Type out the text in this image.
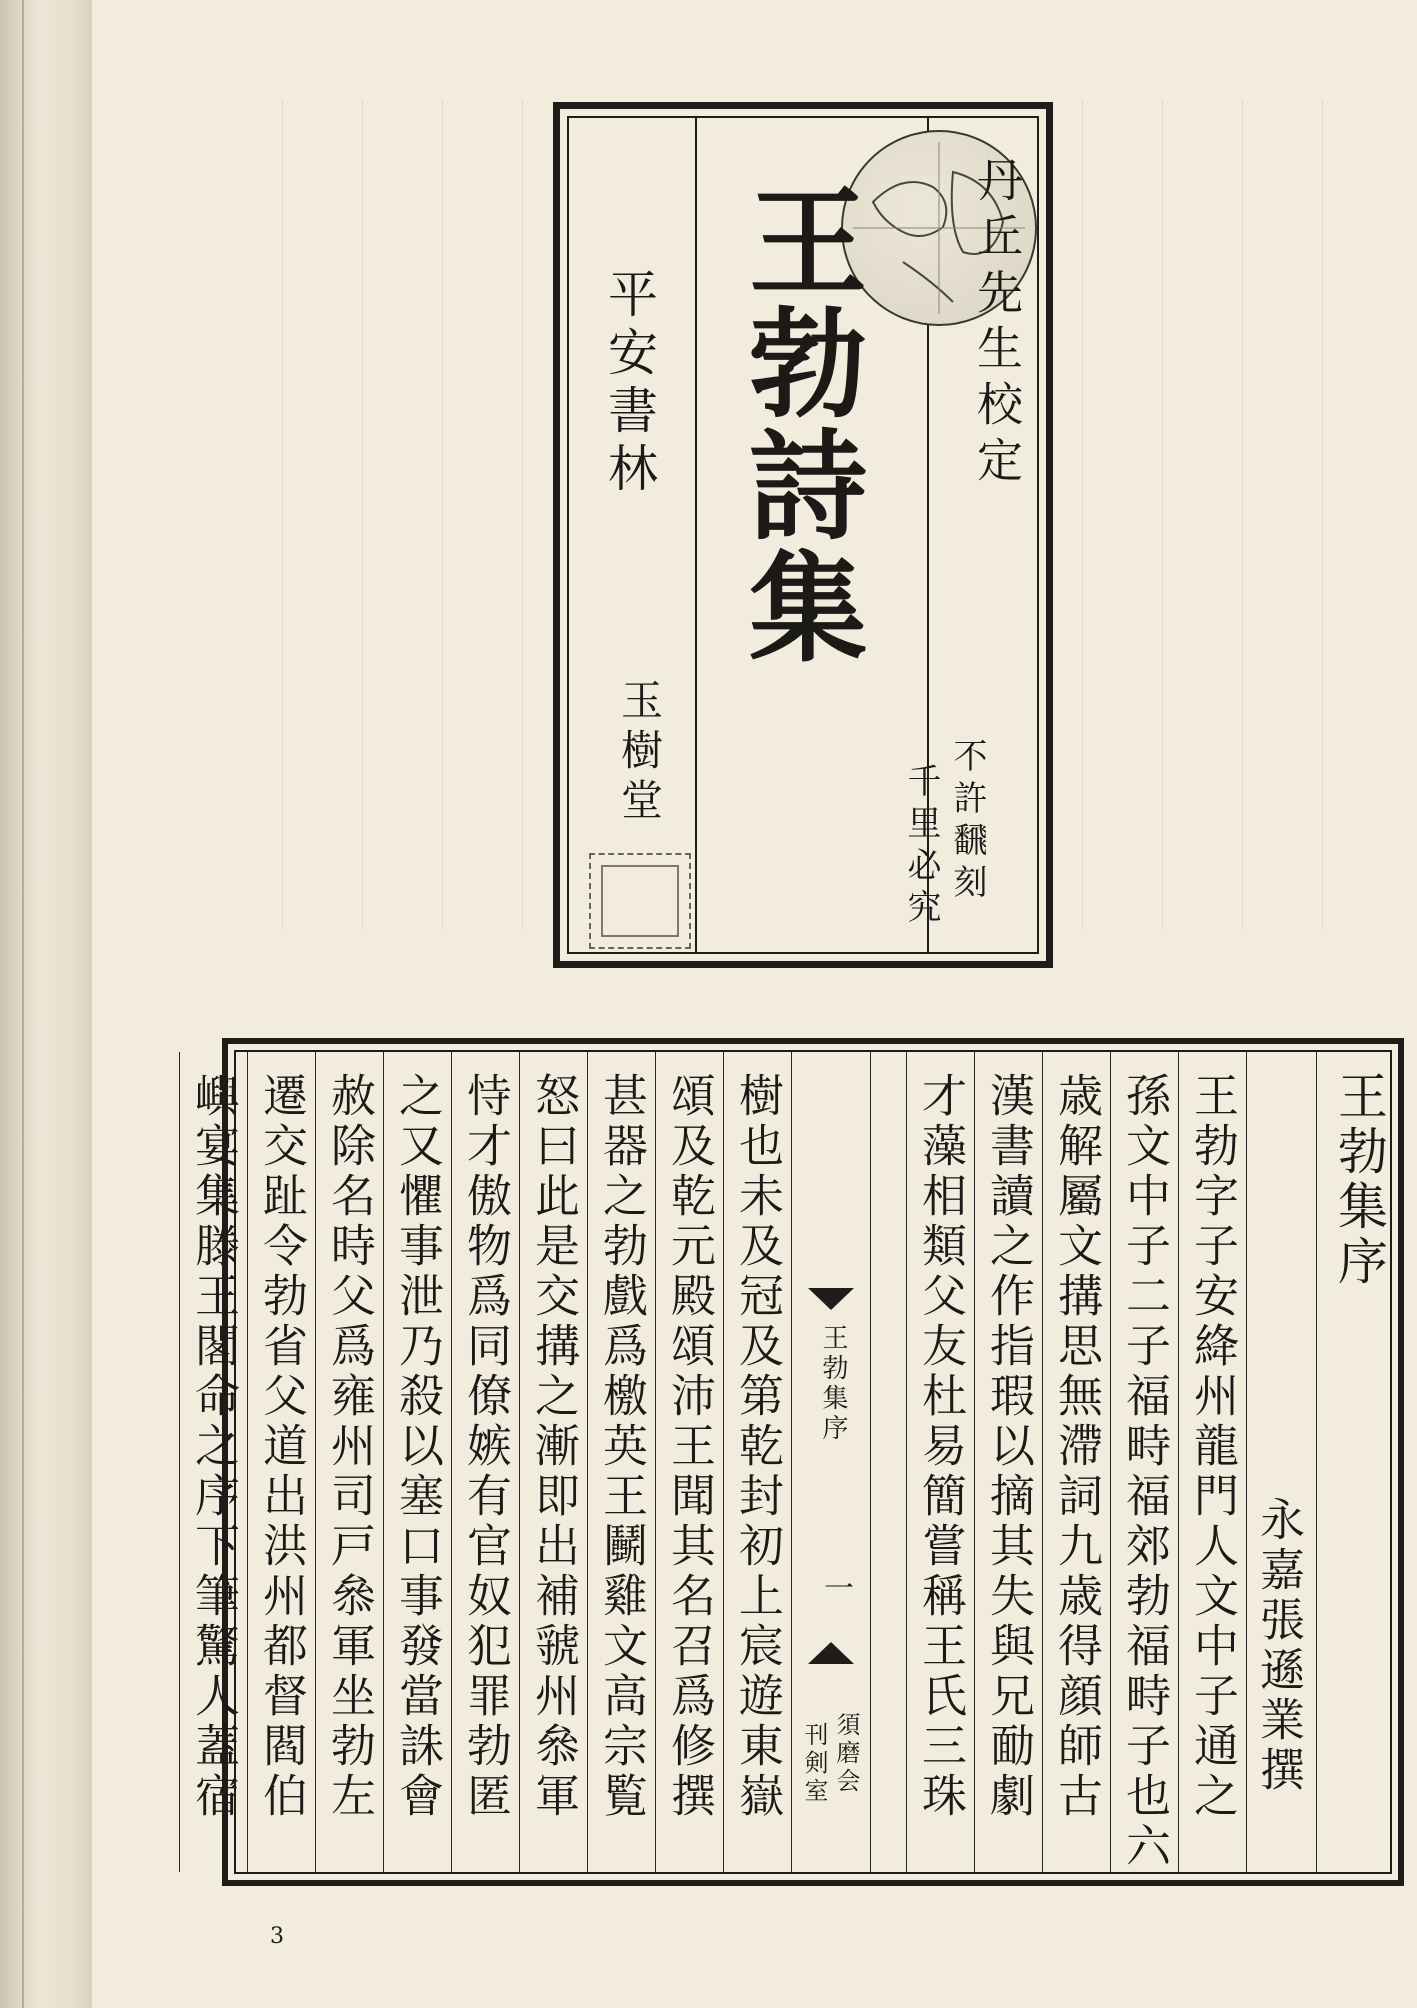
丹丘先生校定
王勃詩集
平安書林
玉樹堂	不許飜刻
千里必究
王勃集序
永嘉張遜業撰
王勃集序
一
須磨会
刊剣室	王勃字子安絳州龍門人文中子通之
孫文中子二子福畤福郊勃福畤子也六
歳解屬文搆思無滯詞九歳得顔師古
漢書讀之作指瑕以摘其失與兄勔劇
才藻相類父友杜易簡嘗稱王氏三珠
樹也未及冠及第乾封初上宸遊東嶽
頌及乾元殿頌沛王聞其名召爲修撰
甚器之勃戲爲檄英王鬭雞文高宗覧
怒曰此是交搆之漸即出補虢州叅軍
恃才傲物爲同僚嫉有官奴犯罪勃匿
之又懼事泄乃殺以塞口事發當誅會
赦除名時父爲雍州司戸叅軍坐勃左
遷交趾令勃省父道出洪州都督閻伯
嶼宴集滕王閣命之序下筆驚人蓋宿
3
